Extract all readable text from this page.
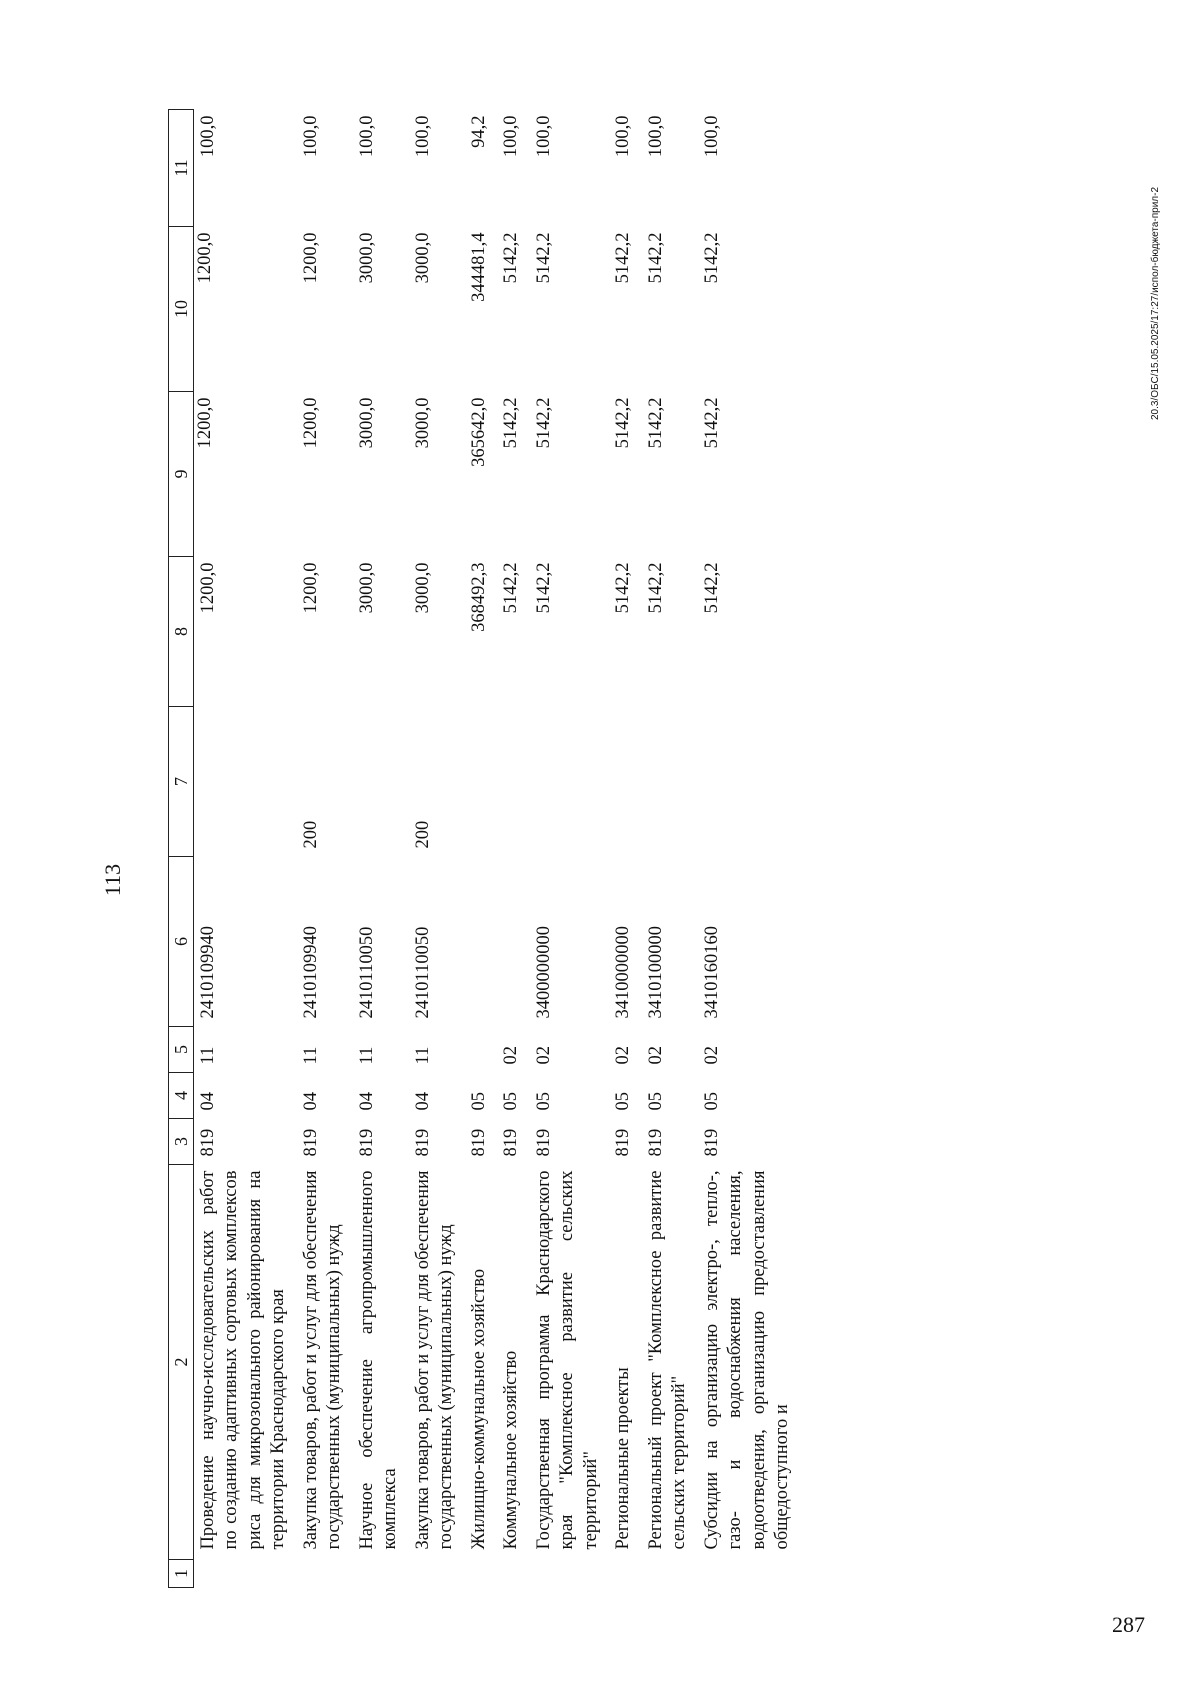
113
1	2	3	4	5	6	7	8	9	10	11
	Проведение научно-исследовательских работ по созданию адаптивных сортовых комплексов риса для микрозонального районирования на территории Краснодарского края	819	04	11	2410109940		1200,0	1200,0	1200,0	100,0
	Закупка товаров, работ и услуг для обеспечения государственных (муниципальных) нужд	819	04	11	2410109940	200	1200,0	1200,0	1200,0	100,0
	Научное обеспечение агропромышленного комплекса	819	04	11	2410110050		3000,0	3000,0	3000,0	100,0
	Закупка товаров, работ и услуг для обеспечения государственных (муниципальных) нужд	819	04	11	2410110050	200	3000,0	3000,0	3000,0	100,0
	Жилищно-коммунальное хозяйство	819	05				368492,3	365642,0	344481,4	94,2
	Коммунальное хозяйство	819	05	02			5142,2	5142,2	5142,2	100,0
	Государственная программа Краснодарского края "Комплексное развитие сельских территорий"	819	05	02	3400000000		5142,2	5142,2	5142,2	100,0
	Региональные проекты	819	05	02	3410000000		5142,2	5142,2	5142,2	100,0
	Региональный проект "Комплексное развитие сельских территорий"	819	05	02	3410100000		5142,2	5142,2	5142,2	100,0
	Субсидии на организацию электро-, тепло-, газо- и водоснабжения населения, водоотведения, организацию предоставления общедоступного и	819	05	02	3410160160		5142,2	5142,2	5142,2	100,0
287
20.3/ОБС/15.05.2025/17:27/испол-бюджета-прил-2
